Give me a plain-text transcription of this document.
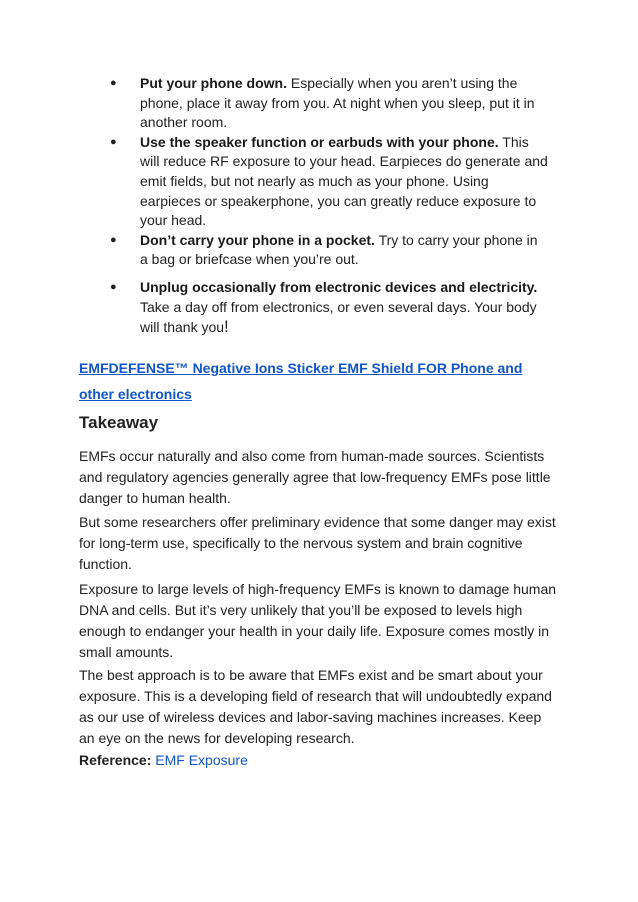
● Put your phone down. Especially when you aren’t using the phone, place it away from you. At night when you sleep, put it in another room.
● Use the speaker function or earbuds with your phone. This will reduce RF exposure to your head. Earpieces do generate and emit fields, but not nearly as much as your phone. Using earpieces or speakerphone, you can greatly reduce exposure to your head.
● Don’t carry your phone in a pocket. Try to carry your phone in a bag or briefcase when you’re out.
● Unplug occasionally from electronic devices and electricity. Take a day off from electronics, or even several days. Your body will thank you!
EMFDEFENSE™ Negative Ions Sticker EMF Shield FOR Phone and other electronics
Takeaway

EMFs occur naturally and also come from human-made sources. Scientists and regulatory agencies generally agree that low-frequency EMFs pose little danger to human health.

But some researchers offer preliminary evidence that some danger may exist for long-term use, specifically to the nervous system and brain cognitive function.

Exposure to large levels of high-frequency EMFs is known to damage human DNA and cells. But it’s very unlikely that you’ll be exposed to levels high enough to endanger your health in your daily life. Exposure comes mostly in small amounts.

The best approach is to be aware that EMFs exist and be smart about your exposure. This is a developing field of research that will undoubtedly expand as our use of wireless devices and labor-saving machines increases. Keep an eye on the news for developing research.

Reference: EMF Exposure
